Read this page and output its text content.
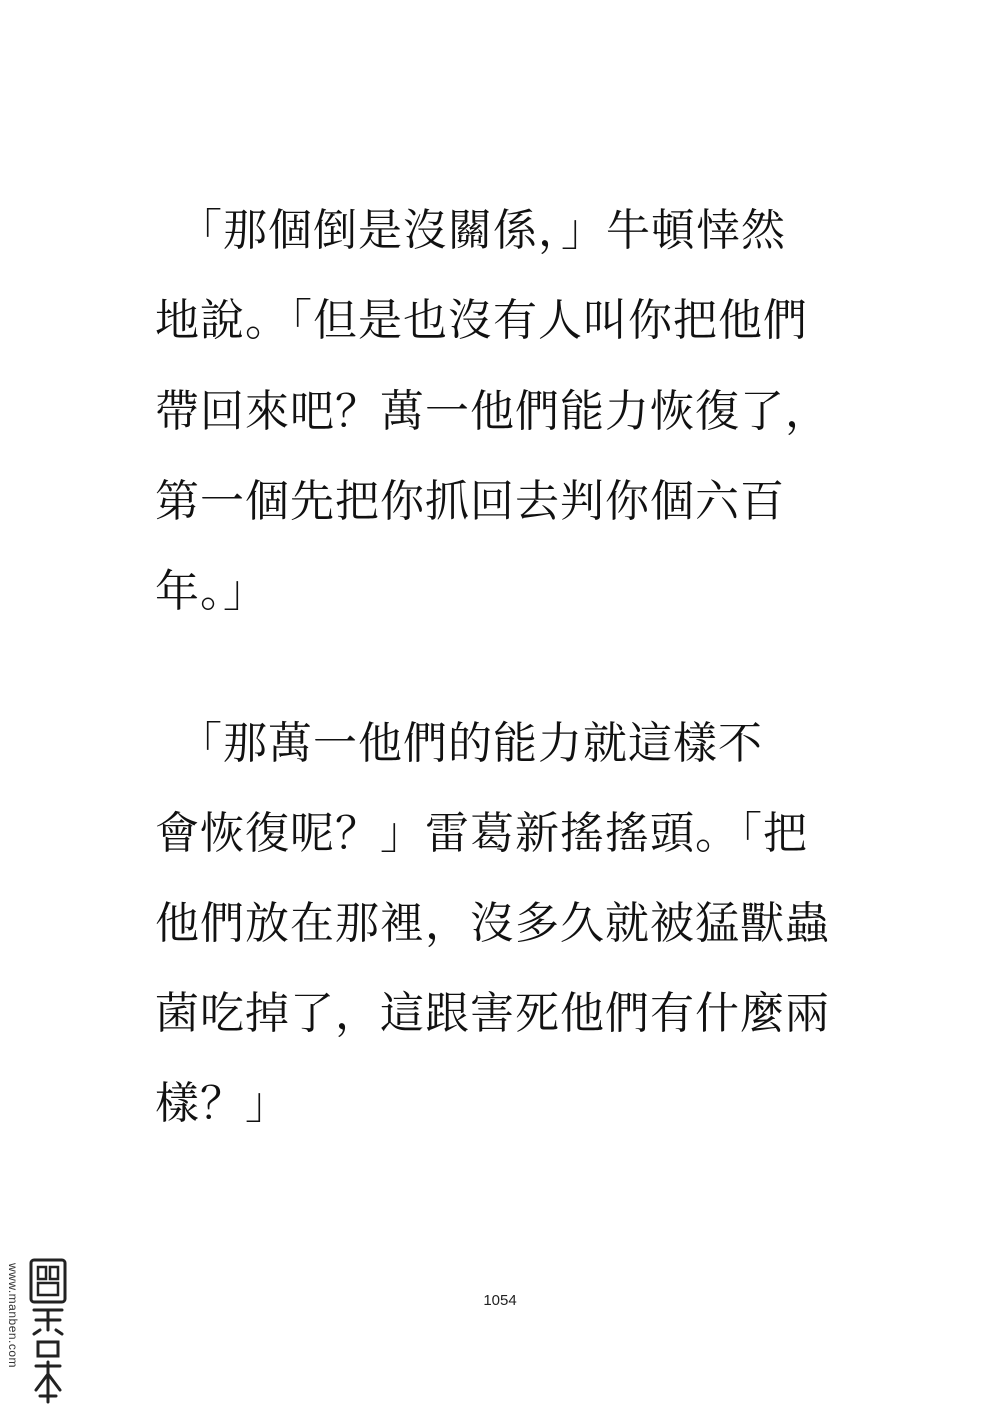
　「那個倒是沒關係，」牛頓悻然
地說。「但是也沒有人叫你把他們
帶回來吧？萬一他們能力恢復了，
第一個先把你抓回去判你個六百
年。」
　「那萬一他們的能力就這樣不
會恢復呢？」雷葛新搖搖頭。「把
他們放在那裡，沒多久就被猛獸蟲
菌吃掉了，這跟害死他們有什麼兩
樣？」
1054
www.manben.com
